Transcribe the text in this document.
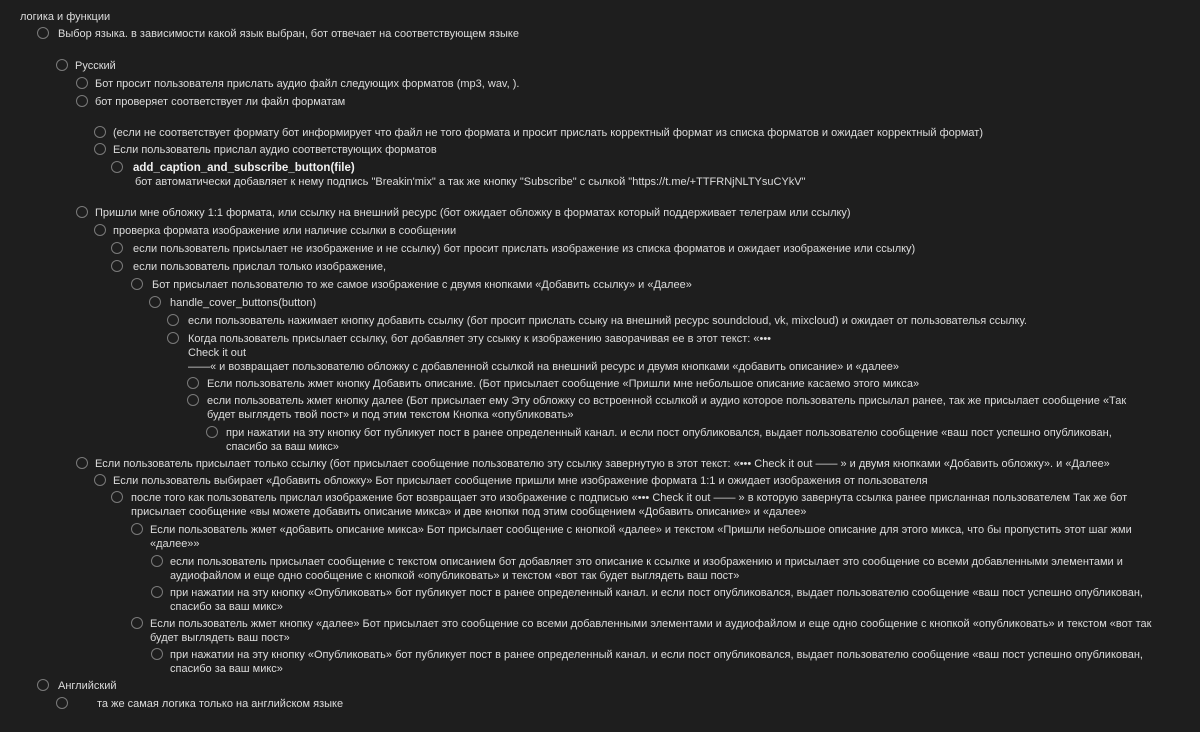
логика и функции
Выбор языка. в зависимости какой язык выбран, бот отвечает на соответствующем языке
Русский
Бот просит пользователя прислать аудио файл следующих форматов (mp3, wav, ).
бот проверяет соответствует ли файл форматам
(если не соответствует формату бот информирует что файл не того формата и просит прислать корректный формат из списка форматов и ожидает корректный формат)
Если пользователь прислал аудио соответствующих форматов
add_caption_and_subscribe_button(file)
бот автоматически добавляет к нему подпись "Breakin'mix" а так же кнопку "Subscribe" с сылкой "https://t.me/+TTFRNjNLTYsuCYkV"
Пришли мне обложку 1:1 формата, или ссылку на внешний ресурс (бот ожидает обложку в форматах который поддерживает телеграм или ссылку)
проверка формата изображение или наличие ссылки в сообщении
если пользователь присылает не изображение и не ссылку) бот просит прислать изображение из списка форматов и ожидает изображение или ссылку)
если пользователь прислал только изображение,
Бот присылает пользователю то же самое изображение с двумя кнопками «Добавить ссылку» и «Далее»
handle_cover_buttons(button)
если пользователь нажимает кнопку добавить ссылку (бот просит прислать ссыку на внешний ресурс soundcloud, vk, mixcloud) и ожидает от пользователья ссылку.
Когда пользователь присылает ссылку, бот добавляет эту ссыкку к изображению заворачивая ее в этот текст: «•••
Check it out
——« и возвращает пользователю обложку с добавленной ссылкой на внешний ресурс и двумя кнопками «добавить описание» и «далее»
Если пользователь жмет кнопку Добавить описание. (Бот присылает сообщение «Пришли мне небольшое описание касаемо этого микса»
если пользователь жмет кнопку далее (Бот присылает ему Эту обложку со встроенной ссылкой и аудио которое пользователь присылал ранее, так же присылает сообщение «Так
будет выглядеть твой пост» и под этим текстом Кнопка «опубликовать»
при нажатии на эту кнопку бот публикует пост в ранее определенный канал. и если пост опубликовался, выдает пользователю сообщение «ваш пост успешно опубликован,
спасибо за ваш микс»
Если пользователь присылает только ссылку (бот присылает сообщение пользователю эту ссылку завернутую в этот текст: «••• Check it out —— » и двумя кнопками «Добавить обложку». и «Далее»
Если пользователь выбирает «Добавить обложку» Бот присылает сообщение пришли мне изображение формата 1:1 и ожидает изображения от пользователя
после того как пользователь прислал изображение бот возвращает это изображение с подписью «••• Check it out —— » в которую завернута ссылка ранее присланная пользователем Так же бот
присылает сообщение «вы можете добавить описание микса» и две кнопки под этим сообщением «Добавить описание» и «далее»
Если пользователь жмет «добавить описание микса» Бот присылает сообщение с кнопкой «далее» и текстом «Пришли небольшое описание для этого микса, что бы пропустить этот шаг жми
«далее»»
если пользователь присылает сообщение с текстом описанием бот добавляет это описание к ссылке и изображению и присылает это сообщение со всеми добавленными элементами и
аудиофайлом и еще одно сообщение с кнопкой «опубликовать» и текстом «вот так будет выглядеть ваш пост»
при нажатии на эту кнопку «Опубликовать» бот публикует пост в ранее определенный канал. и если пост опубликовался, выдает пользователю сообщение «ваш пост успешно опубликован,
спасибо за ваш микс»
Если пользователь жмет кнопку «далее» Бот присылает это сообщение со всеми добавленными элементами и аудиофайлом и еще одно сообщение с кнопкой «опубликовать» и текстом «вот так
будет выглядеть ваш пост»
при нажатии на эту кнопку «Опубликовать» бот публикует пост в ранее определенный канал. и если пост опубликовался, выдает пользователю сообщение «ваш пост успешно опубликован,
спасибо за ваш микс»
Английский
та же самая логика только на английском языке
